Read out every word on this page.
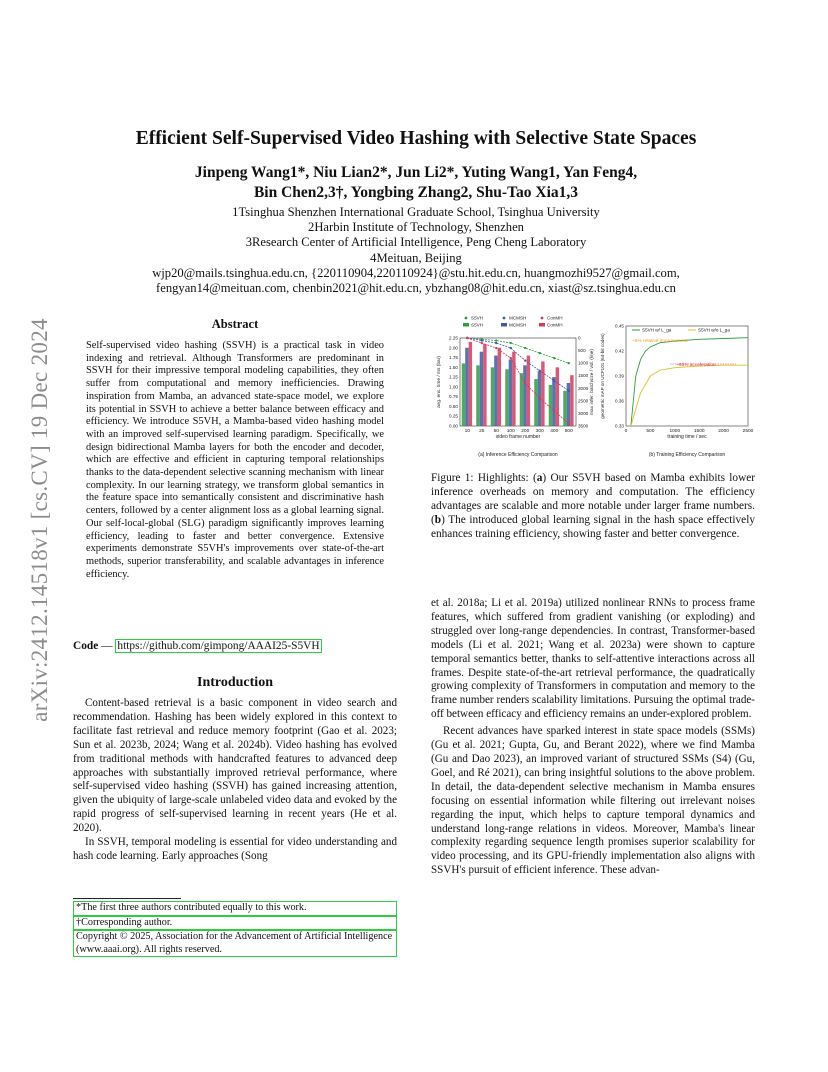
arXiv:2412.14518v1 [cs.CV] 19 Dec 2024
Efficient Self-Supervised Video Hashing with Selective State Spaces
Jinpeng Wang1*, Niu Lian2*, Jun Li2*, Yuting Wang1, Yan Feng4,
Bin Chen2,3†, Yongbing Zhang2, Shu-Tao Xia1,3
1Tsinghua Shenzhen International Graduate School, Tsinghua University
2Harbin Institute of Technology, Shenzhen
3Research Center of Artificial Intelligence, Peng Cheng Laboratory
4Meituan, Beijing
wjp20@mails.tsinghua.edu.cn, {220110904,220110924}@stu.hit.edu.cn, huangmozhi9527@gmail.com,
fengyan14@meituan.com, chenbin2021@hit.edu.cn, ybzhang08@hit.edu.cn, xiast@sz.tsinghua.edu.cn
Abstract
Self-supervised video hashing (SSVH) is a practical task in video indexing and retrieval. Although Transformers are predominant in SSVH for their impressive temporal modeling capabilities, they often suffer from computational and memory inefficiencies. Drawing inspiration from Mamba, an advanced state-space model, we explore its potential in SSVH to achieve a better balance between efficacy and efficiency. We introduce S5VH, a Mamba-based video hashing model with an improved self-supervised learning paradigm. Specifically, we design bidirectional Mamba layers for both the encoder and decoder, which are effective and efficient in capturing temporal relationships thanks to the data-dependent selective scanning mechanism with linear complexity. In our learning strategy, we transform global semantics in the feature space into semantically consistent and discriminative hash centers, followed by a center alignment loss as a global learning signal. Our self-local-global (SLG) paradigm significantly improves learning efficiency, leading to faster and better convergence. Extensive experiments demonstrate S5VH's improvements over state-of-the-art methods, superior transferability, and scalable advantages in inference efficiency.
Code — https://github.com/gimpong/AAAI25-S5VH
Introduction

Content-based retrieval is a basic component in video search and recommendation. Hashing has been widely explored in this context to facilitate fast retrieval and reduce memory footprint (Gao et al. 2023; Sun et al. 2023b, 2024; Wang et al. 2024b). Video hashing has evolved from traditional methods with handcrafted features to advanced deep approaches with substantially improved retrieval performance, where self-supervised video hashing (SSVH) has gained increasing attention, given the ubiquity of large-scale unlabeled video data and evoked by the rapid progress of self-supervised learning in recent years (He et al. 2020).

In SSVH, temporal modeling is essential for video understanding and hash code learning. Early approaches (Song

*The first three authors contributed equally to this work.
†Corresponding author.
Copyright © 2025, Association for the Advancement of Artificial Intelligence (www.aaai.org). All rights reserved.
S5VH	MCMSH	ConMH
S5VH	MCMSH	ConMH
0.00
0.25
0.50
0.75
1.00
1.25
1.50
1.75
2.00
2.25	0
500
1000
1500
2000
2500
3000
3500
10 25 50 100 200 300 400 500
video frame number
avg. enc. time / ms (bar)	max infer. batchsize / vid. (line)
(a) Inference Efficiency Comparison
S5VH w/ L_ga	S5VH w/o L_ga
0.33
0.36
0.39
0.42
0.45
0	500	1000	1500	2000	2500
~6% relative improvement
~65% acceleration
training time / sec
geometric mAP on UCF101 (64-bit codes)
(b) Training Efficiency Comparison
Figure 1: Highlights: (a) Our S5VH based on Mamba exhibits lower inference overheads on memory and computation. The efficiency advantages are scalable and more notable under larger frame numbers. (b) The introduced global learning signal in the hash space effectively enhances training efficiency, showing faster and better convergence.

et al. 2018a; Li et al. 2019a) utilized nonlinear RNNs to process frame features, which suffered from gradient vanishing (or exploding) and struggled over long-range dependencies. In contrast, Transformer-based models (Li et al. 2021; Wang et al. 2023a) were shown to capture temporal semantics better, thanks to self-attentive interactions across all frames. Despite state-of-the-art retrieval performance, the quadratically growing complexity of Transformers in computation and memory to the frame number renders scalability limitations. Pursuing the optimal trade-off between efficacy and efficiency remains an under-explored problem.

Recent advances have sparked interest in state space models (SSMs) (Gu et al. 2021; Gupta, Gu, and Berant 2022), where we find Mamba (Gu and Dao 2023), an improved variant of structured SSMs (S4) (Gu, Goel, and Ré 2021), can bring insightful solutions to the above problem. In detail, the data-dependent selective mechanism in Mamba ensures focusing on essential information while filtering out irrelevant noises regarding the input, which helps to capture temporal dynamics and understand long-range relations in videos. Moreover, Mamba's linear complexity regarding sequence length promises superior scalability for video processing, and its GPU-friendly implementation also aligns with SSVH's pursuit of efficient inference. These advan-
